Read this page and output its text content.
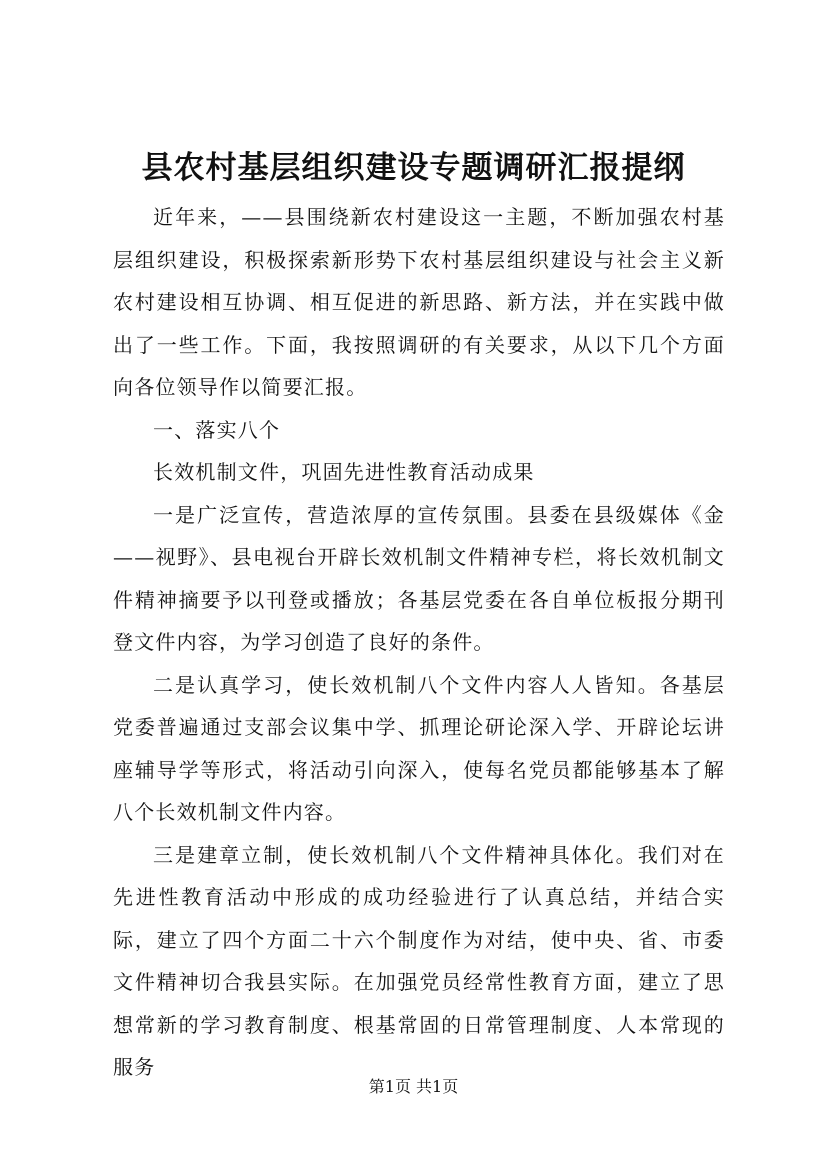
县农村基层组织建设专题调研汇报提纲

近年来，——县围绕新农村建设这一主题，不断加强农村基层组织建设，积极探索新形势下农村基层组织建设与社会主义新农村建设相互协调、相互促进的新思路、新方法，并在实践中做出了一些工作。下面，我按照调研的有关要求，从以下几个方面向各位领导作以简要汇报。

一、落实八个

长效机制文件，巩固先进性教育活动成果

一是广泛宣传，营造浓厚的宣传氛围。县委在县级媒体《金——视野》、县电视台开辟长效机制文件精神专栏，将长效机制文件精神摘要予以刊登或播放；各基层党委在各自单位板报分期刊登文件内容，为学习创造了良好的条件。

二是认真学习，使长效机制八个文件内容人人皆知。各基层党委普遍通过支部会议集中学、抓理论研论深入学、开辟论坛讲座辅导学等形式，将活动引向深入，使每名党员都能够基本了解八个长效机制文件内容。

三是建章立制，使长效机制八个文件精神具体化。我们对在先进性教育活动中形成的成功经验进行了认真总结，并结合实际，建立了四个方面二十六个制度作为对结，使中央、省、市委文件精神切合我县实际。在加强党员经常性教育方面，建立了思想常新的学习教育制度、根基常固的日常管理制度、人本常现的服务

第1页 共1页
